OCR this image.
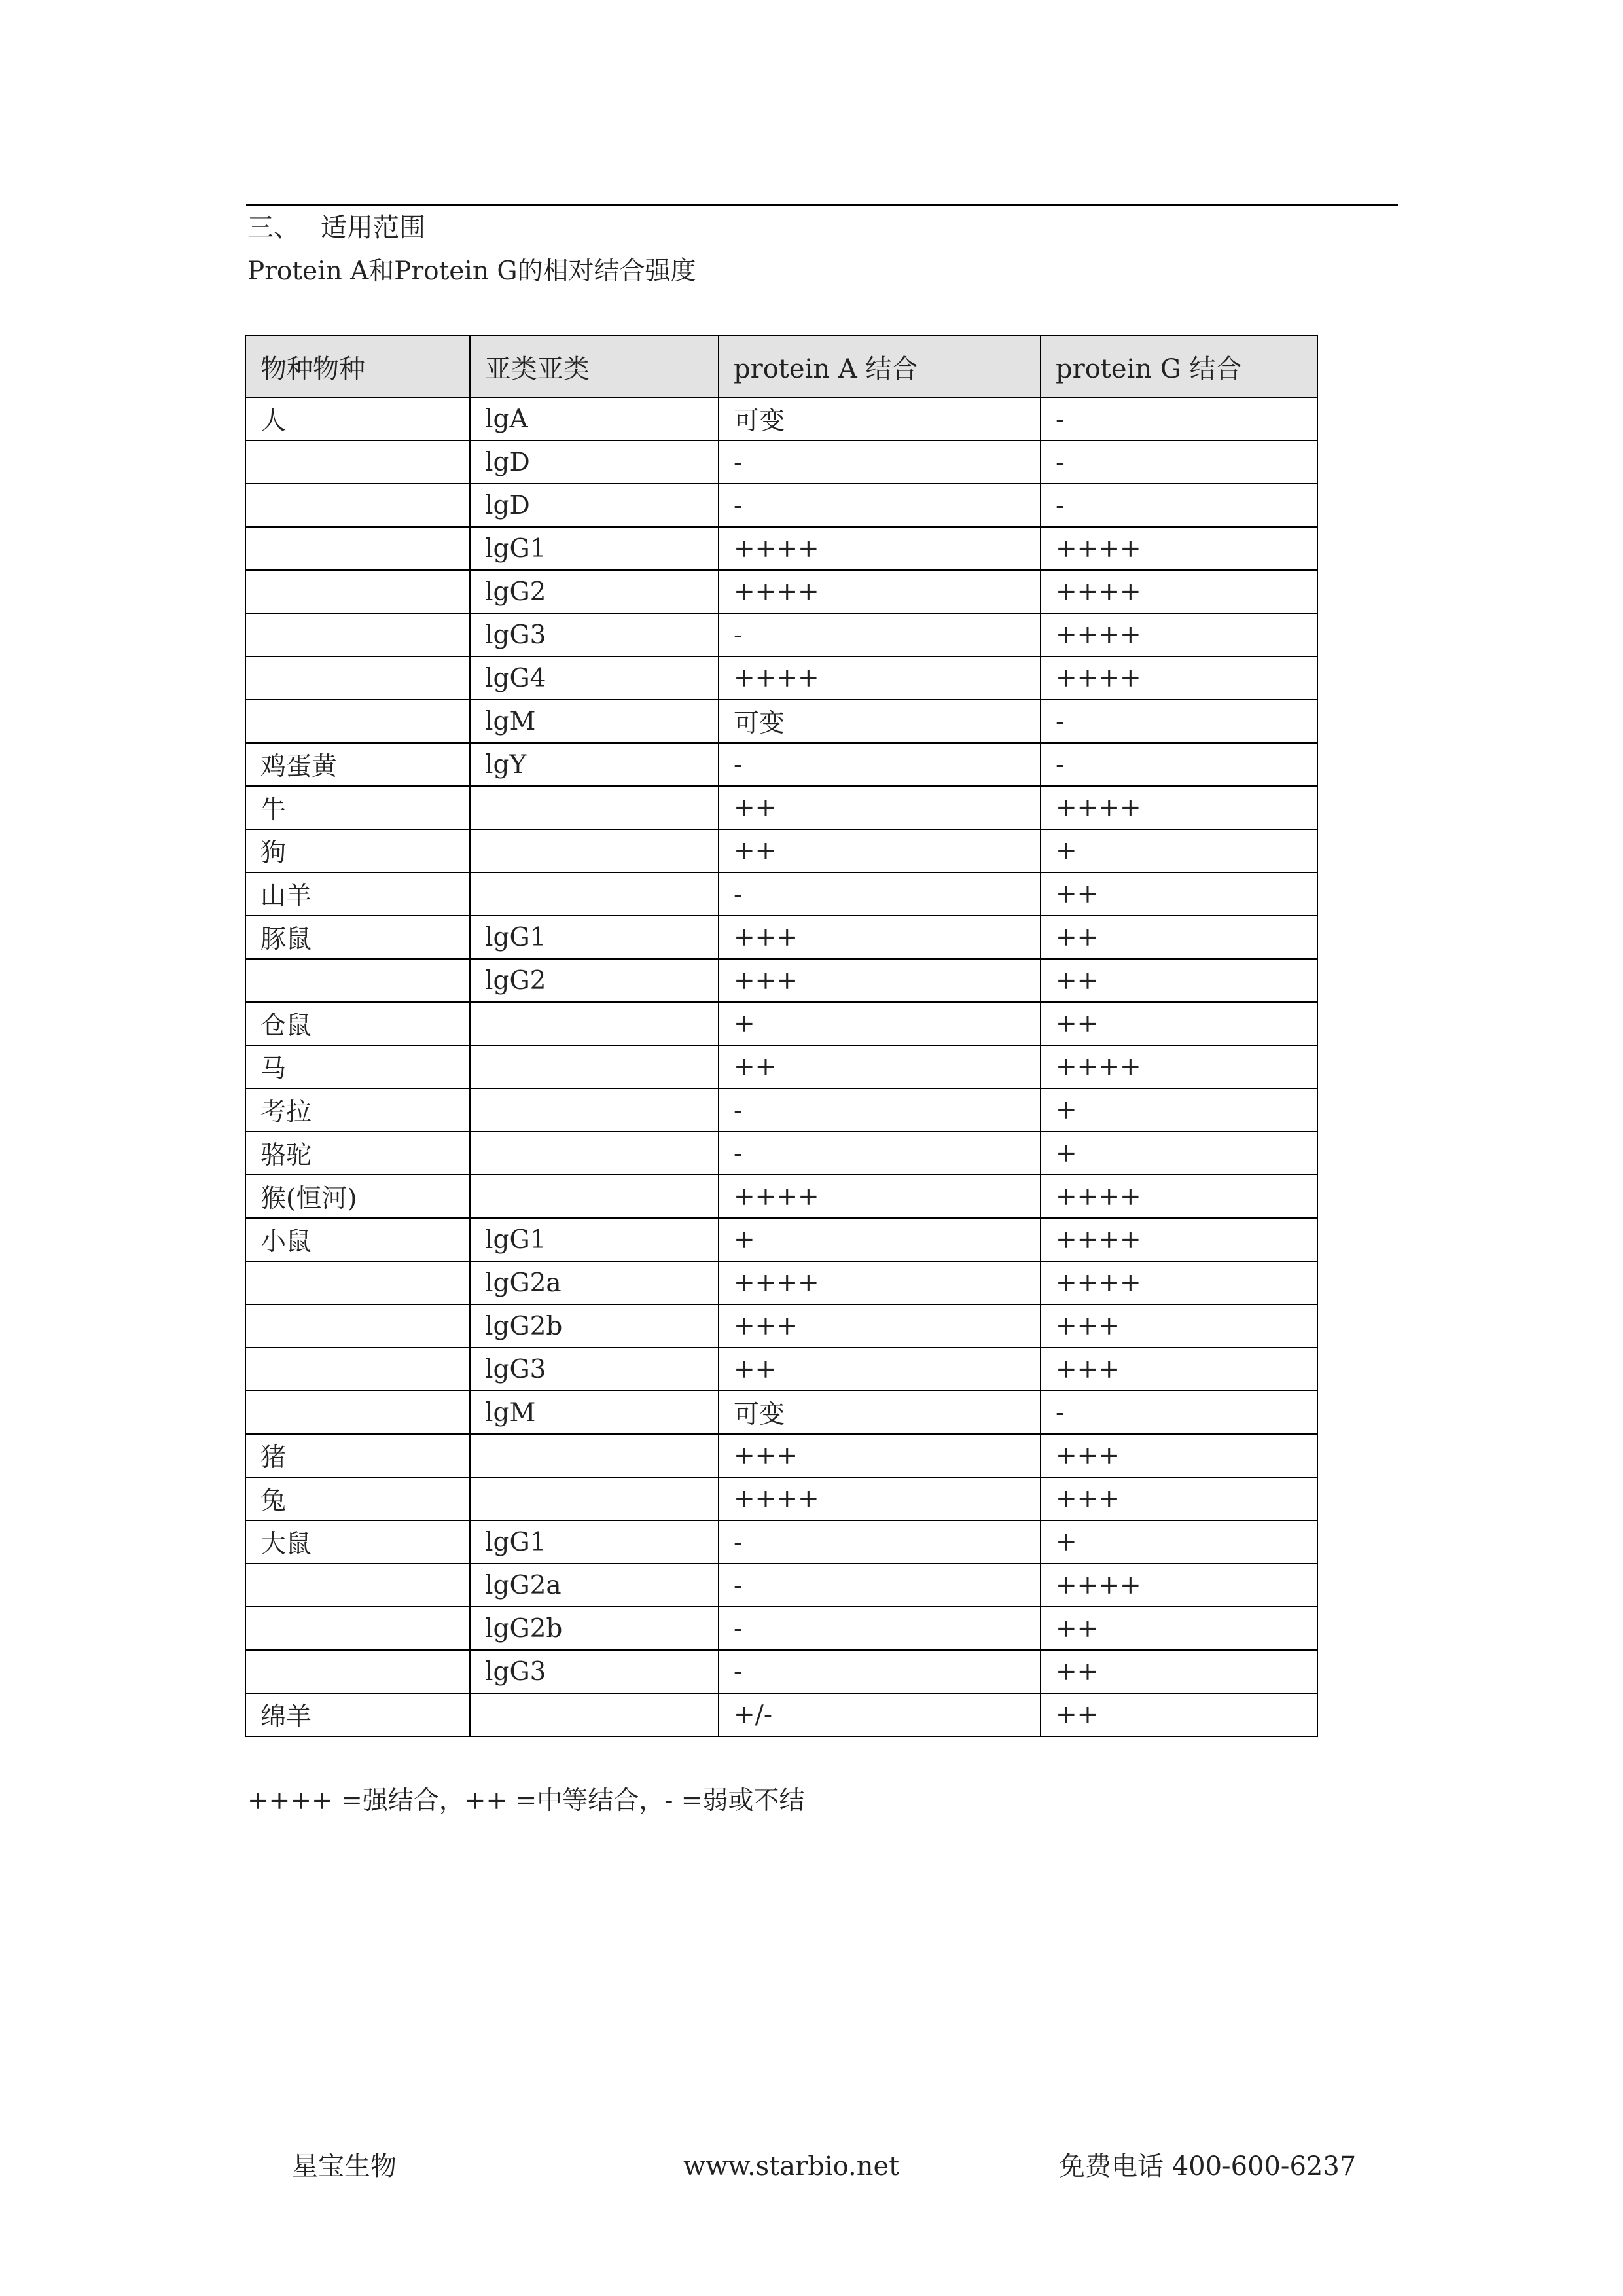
三、 适用范围
Protein A和Protein G的相对结合强度
物种物种	亚类亚类	protein A 结合	protein G 结合
人	lgA	可变	-
	lgD	-	-
	lgD	-	-
	lgG1	++++	++++
	lgG2	++++	++++
	lgG3	-	++++
	lgG4	++++	++++
	lgM	可变	-
鸡蛋黄	lgY	-	-
牛		++	++++
狗		++	+
山羊		-	++
豚鼠	lgG1	+++	++
	lgG2	+++	++
仓鼠		+	++
马		++	++++
考拉		-	+
骆驼		-	+
猴(恒河)		++++	++++
小鼠	lgG1	+	++++
	lgG2a	++++	++++
	lgG2b	+++	+++
	lgG3	++	+++
	lgM	可变	-
猪		+++	+++
兔		++++	+++
大鼠	lgG1	-	+
	lgG2a	-	++++
	lgG2b	-	++
	lgG3	-	++
绵羊		+/-	++
++++ =强结合，++ =中等结合，- =弱或不结
星宝生物	www.starbio.net	免费电话 400-600-6237
